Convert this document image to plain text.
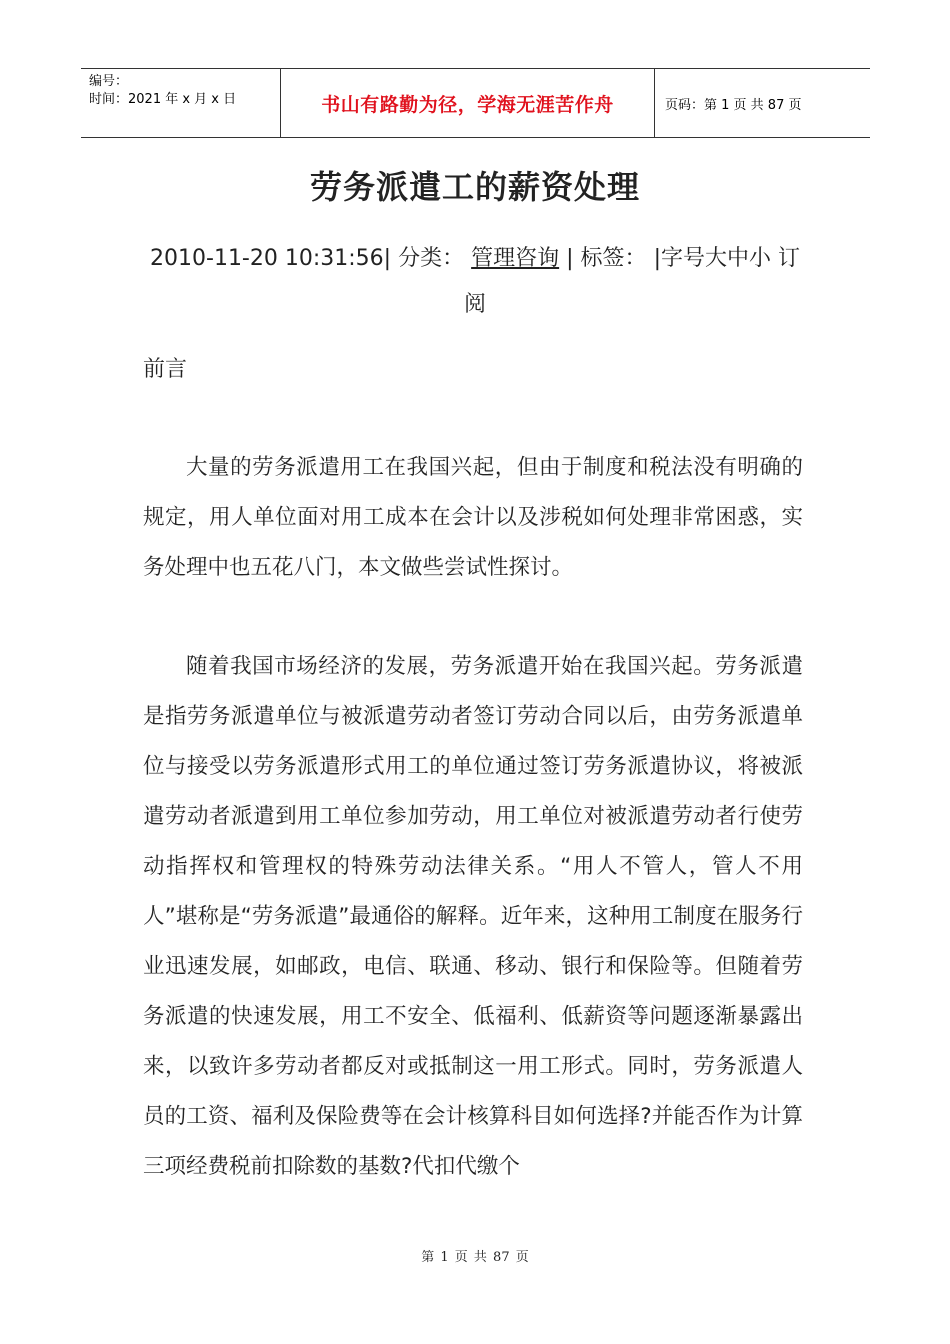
编号：
时间：2021 年 x 月 x 日	书山有路勤为径，学海无涯苦作舟	页码：第 1 页 共 87 页
劳务派遣工的薪资处理
2010-11-20 10:31:56| 分类： 管理咨询 | 标签： |字号大中小 订阅
前言

大量的劳务派遣用工在我国兴起，但由于制度和税法没有明确的规定，用人单位面对用工成本在会计以及涉税如何处理非常困惑，实务处理中也五花八门，本文做些尝试性探讨。

随着我国市场经济的发展，劳务派遣开始在我国兴起。劳务派遣是指劳务派遣单位与被派遣劳动者签订劳动合同以后，由劳务派遣单位与接受以劳务派遣形式用工的单位通过签订劳务派遣协议，将被派遣劳动者派遣到用工单位参加劳动，用工单位对被派遣劳动者行使劳动指挥权和管理权的特殊劳动法律关系。“用人不管人，管人不用人”堪称是“劳务派遣”最通俗的解释。近年来，这种用工制度在服务行业迅速发展，如邮政，电信、联通、移动、银行和保险等。但随着劳务派遣的快速发展，用工不安全、低福利、低薪资等问题逐渐暴露出来，以致许多劳动者都反对或抵制这一用工形式。同时，劳务派遣人员的工资、福利及保险费等在会计核算科目如何选择?并能否作为计算三项经费税前扣除数的基数?代扣代缴个

第 1 页 共 87 页
